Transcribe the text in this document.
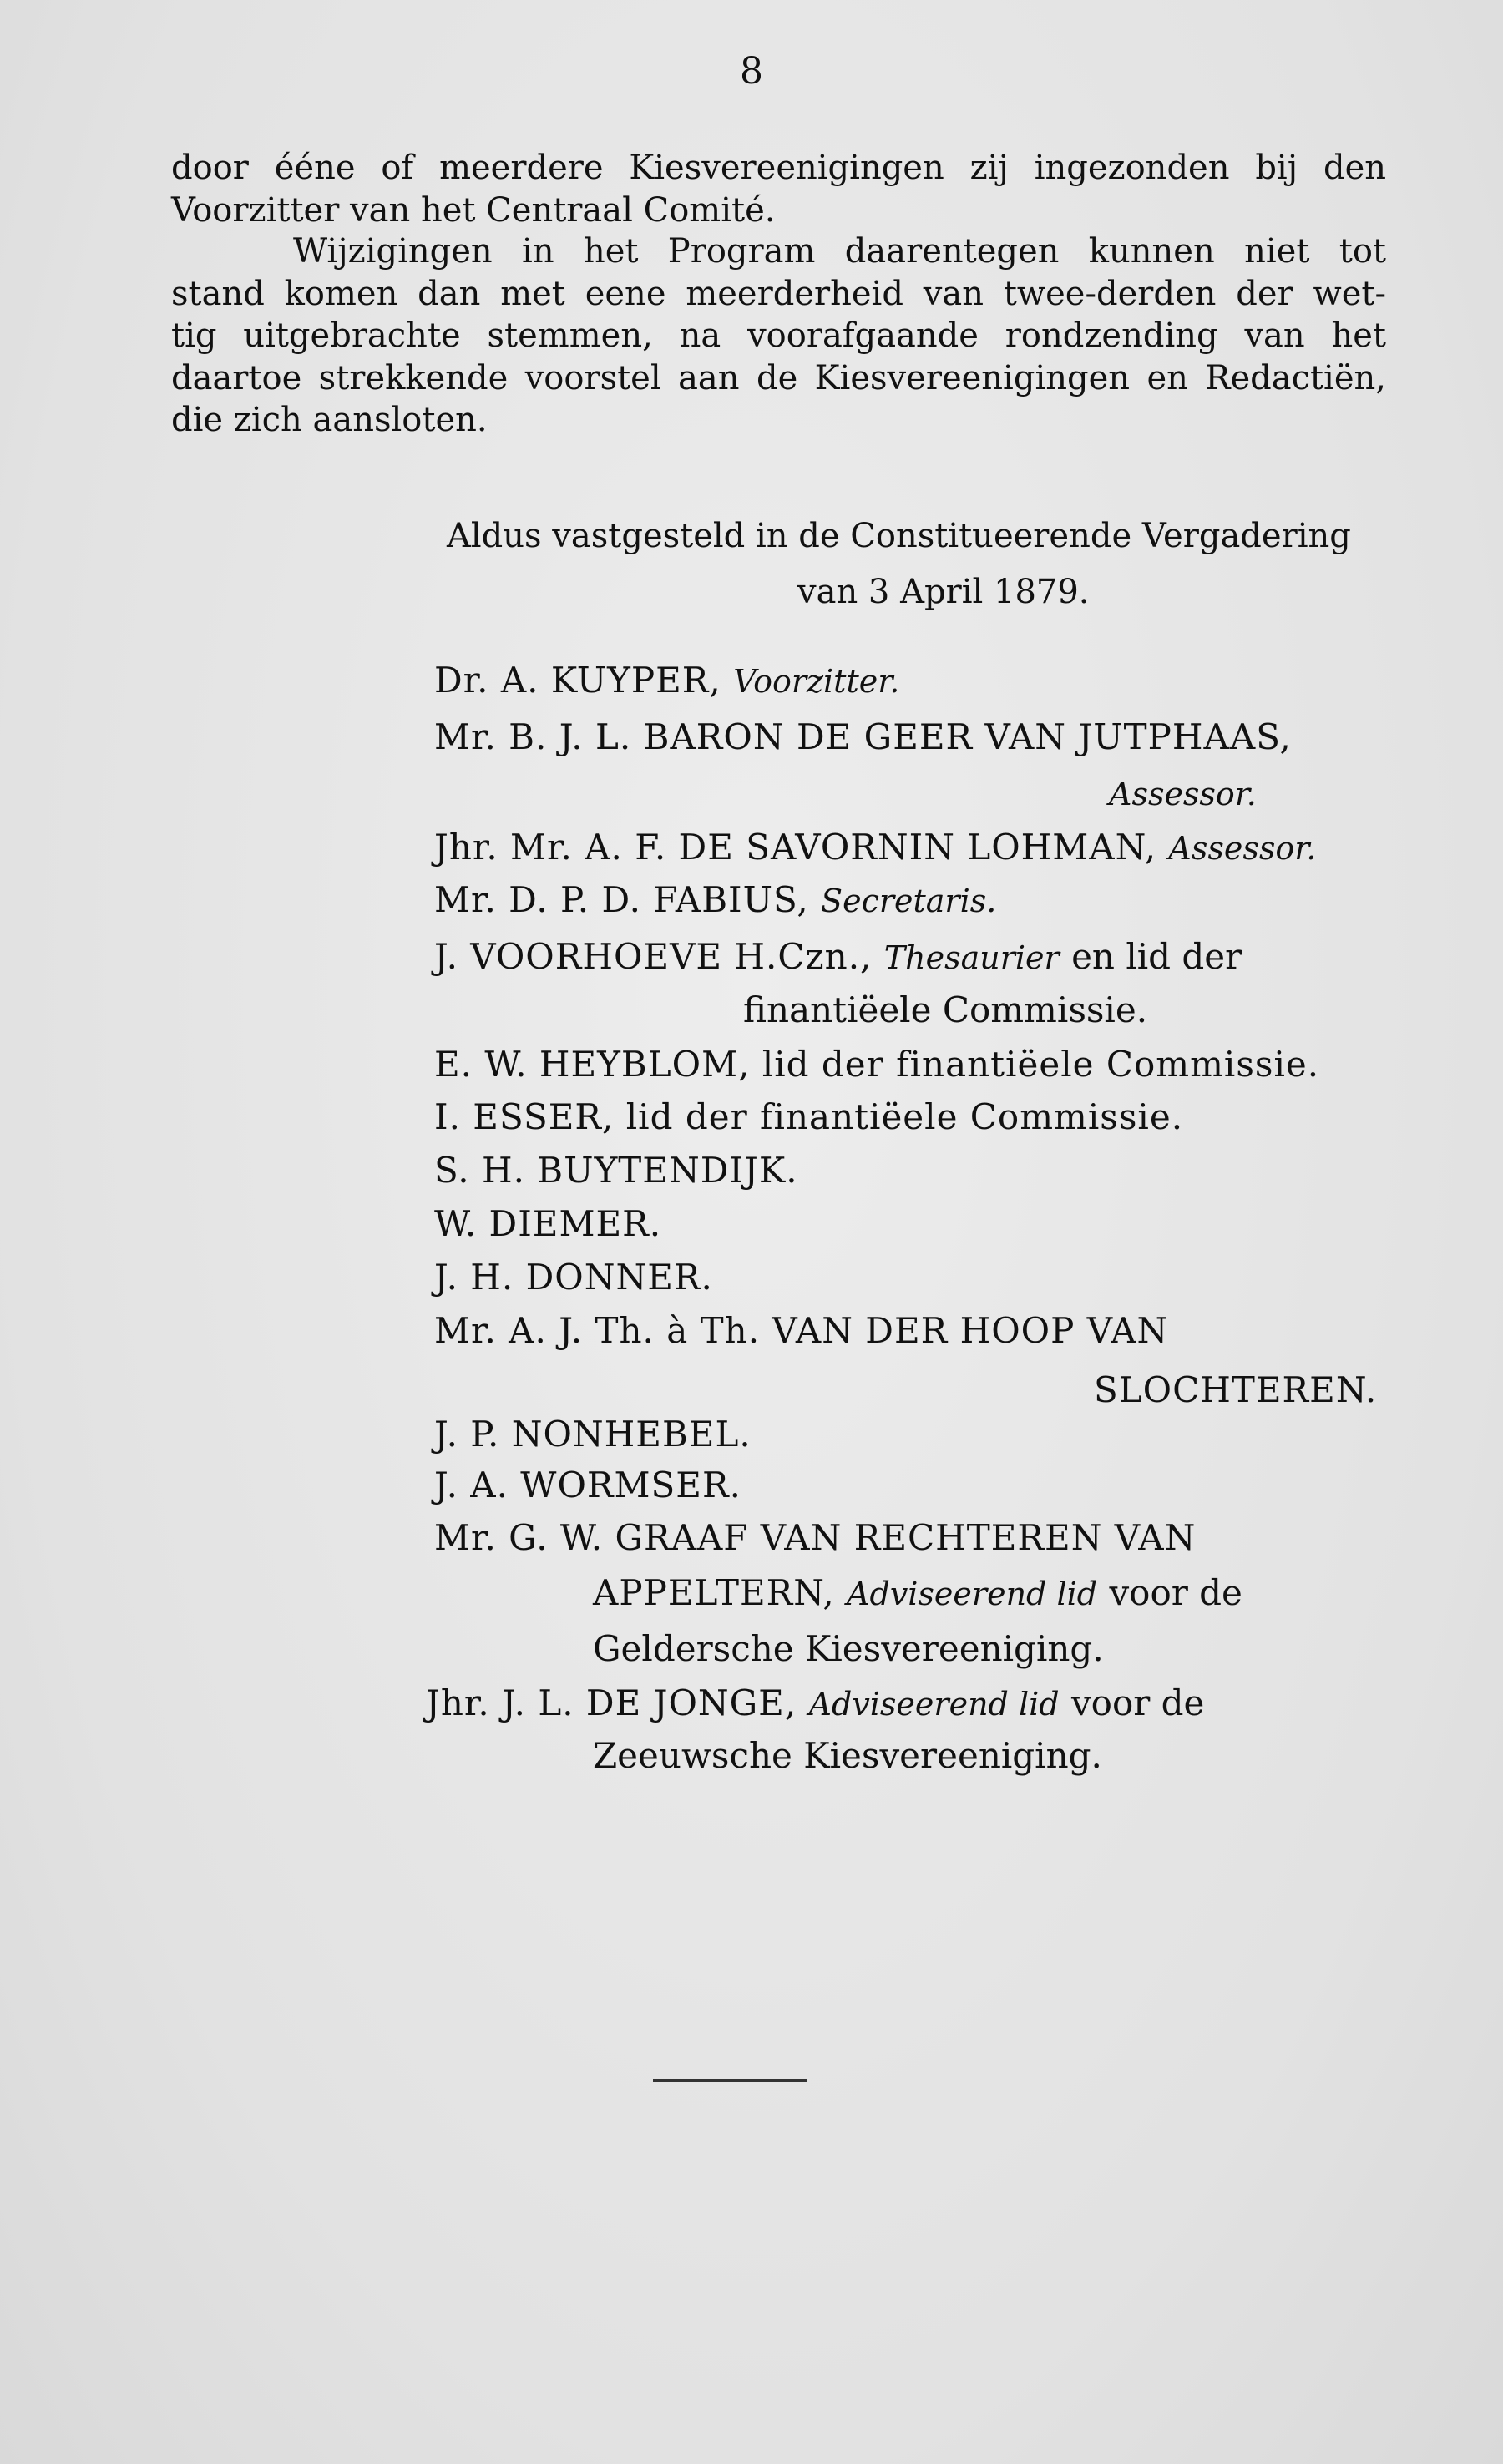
8
door ééne of meerdere Kiesvereenigingen zij ingezonden bij den
Voorzitter van het Centraal Comité.
Wijzigingen in het Program daarentegen kunnen niet tot
stand komen dan met eene meerderheid van twee-derden der wet-
tig uitgebrachte stemmen, na voorafgaande rondzending van het
daartoe strekkende voorstel aan de Kiesvereenigingen en Redactiën,
die zich aansloten.
Aldus vastgesteld in de Constitueerende Vergadering
van 3 April 1879.
Dr. A. KUYPER, Voorzitter.
Mr. B. J. L. BARON DE GEER VAN JUTPHAAS,
Assessor.
Jhr. Mr. A. F. DE SAVORNIN LOHMAN, Assessor.
Mr. D. P. D. FABIUS, Secretaris.
J. VOORHOEVE H.Czn., Thesaurier en lid der
finantiëele Commissie.
E. W. HEYBLOM, lid der finantiëele Commissie.
I. ESSER, lid der finantiëele Commissie.
S. H. BUYTENDIJK.
W. DIEMER.
J. H. DONNER.
Mr. A. J. Th. à Th. VAN DER HOOP VAN
SLOCHTEREN.
J. P. NONHEBEL.
J. A. WORMSER.
Mr. G. W. GRAAF VAN RECHTEREN VAN
APPELTERN, Adviseerend lid voor de
Geldersche Kiesvereeniging.
Jhr. J. L. DE JONGE, Adviseerend lid voor de
Zeeuwsche Kiesvereeniging.
